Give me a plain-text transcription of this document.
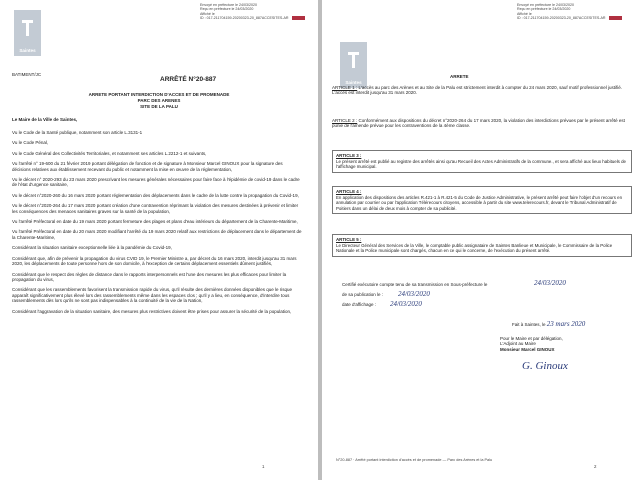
Envoyé en préfecture le 24/03/2020
Reçu en préfecture le 24/03/2020
Affiché le
ID : 017-211704159-20200323-20_887ACCESITES-AR
Saintes
BATIMENT/JC
ARRÊTÉ N°20-887
ARRETE PORTANT INTERDICTION D'ACCES ET DE PROMENADE
PARC DES ARENES
SITE DE LA PALU
Le Maire de la Ville de Saintes,
Vu le Code de la Santé publique, notamment son article L.3131-1
Vu le Code Pénal,
Vu le Code Général des Collectivités Territoriales, et notamment ses articles L.2212-1 et suivants,
Vu l'arrêté n° 19-600 du 21 février 2019 portant délégation de fonction et de signature à Monsieur Marcel GINOUX pour la signature des décisions relatives aux établissement recevant du public et notamment la mise en œuvre de la réglementation,
Vu le décret n° 2020-293 du 23 mars 2020 prescrivant les mesures générales nécessaires pour faire face à l'épidémie de covid-19 dans le cadre de l'état d'urgence sanitaire,
Vu le décret n°2020-260 du 16 mars 2020 portant réglementation des déplacements dans le cadre de la lutte contre la propagation du Covid-19,
Vu le décret n°2020-264 du 17 mars 2020 portant création d'une contravention réprimant la violation des mesures destinées à prévenir et limiter les conséquences des menaces sanitaires graves sur la santé de la population,
Vu l'arrêté Préfectoral en date du 19 mars 2020 portant fermeture des plages et plans d'eau intérieurs du département de la Charente-Maritime,
Vu l'arrêté Préfectoral en date du 20 mars 2020 modifiant l'arrêté du 19 mars 2020 relatif aux restrictions de déplacement dans le département de la Charente-Maritime,
Considérant la situation sanitaire exceptionnelle liée à la pandémie du Covid-19,
Considérant que, afin de prévenir la propagation du virus CVID 19, le Premier Ministre a, par décret du 16 mars 2020, interdit jusqu'au 31 mars 2020, les déplacements de toute personne hors de son domicile, à l'exception de certains déplacement essentiels dûment justifiés,
Considérant que le respect des règles de distance dans le rapports interpersonnels est l'une des mesures les plus efficaces pour limiter la propagation du virus,
Considérant que les rassemblements favorisent la transmission rapide du virus, qu'il résulte des dernières données disponibles que le risque apparaît significativement plus élevé lors des rassemblements même dans les espaces clos ; qu'il y a lieu, en conséquence, d'interdire tous rassemblements dès lors qu'ils ne sont pas indispensables à la continuité de la vie de la Nation,
Considérant l'aggravation de la situation sanitaire, des mesures plus restrictives doivent être prises pour assurer la sécurité de la population,
1
Envoyé en préfecture le 24/03/2020
Reçu en préfecture le 24/03/2020
Affiché le
ID : 017-211704159-20200323-20_887ACCESITES-AR
Saintes
ARRETE
ARTICLE 1 : L'accès au parc des Arènes et au Site de la Palu est strictement interdit à compter du 24 mars 2020, sauf motif professionnel justifié. L'accès est interdit jusqu'au 31 mars 2020.
ARTICLE 2 : Conformément aux dispositions du décret n°2020-264 du 17 mars 2020, la violation des interdictions prévues par le présent arrêté est punie de l'amende prévue pour les contraventions de la 4ème classe.
ARTICLE 3 :
Le présent arrêté est publié au registre des arrêtés ainsi qu'au Recueil des Actes Administratifs de la commune., et sera affiché aux lieux habituels de l'affichage municipal.
ARTICLE 4 :
En application des dispositions des articles R.421-1 à R.421-5 du Code de Justice Administrative, le présent arrêté peut faire l'objet d'un recours en annulation par courrier ou par l'application Télérecours citoyens, accessible à partir du site www.telerecours.fr, devant le Tribunal Administratif de Poitiers dans un délai de deux mois à compter de sa publicité.
ARTICLE 5 :
Le Directeur Général des Services de la Ville, le comptable public assignataire de Saintes Banlieue et Municipale, le Commissaire de la Police Nationale et la Police municipale sont chargés, chacun en ce qui le concerne, de l'exécution du présent arrêté.
Certifié exécutoire compte tenu de sa transmission en Sous-préfecture le	24/03/2020
de sa publication le : 24/03/2020
date d'affichage : 24/03/2020
Fait à Saintes, le 23 mars 2020
Pour le Maire et par délégation,
L'Adjoint au Maire
Monsieur Marcel GINOUX
G. Ginoux
N°20-887 · Arrêté portant interdiction d'accès et de promenade — Parc des Arènes et la Palu
2
